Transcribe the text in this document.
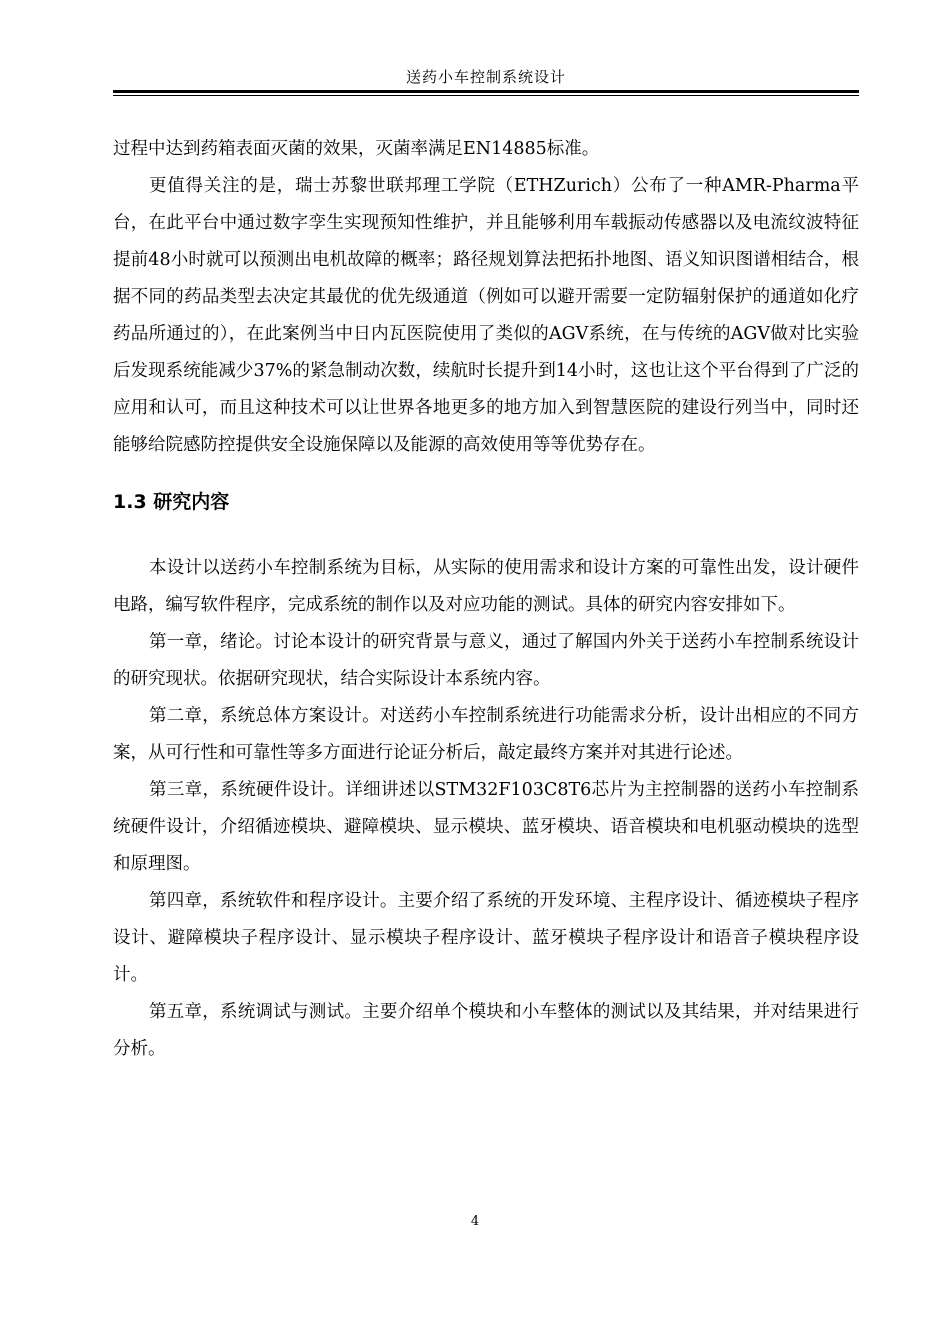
送药小车控制系统设计

过程中达到药箱表面灭菌的效果，灭菌率满足EN14885标准。

更值得关注的是，瑞士苏黎世联邦理工学院（ETHZurich）公布了一种AMR-Pharma平台，在此平台中通过数字孪生实现预知性维护，并且能够利用车载振动传感器以及电流纹波特征提前48小时就可以预测出电机故障的概率；路径规划算法把拓扑地图、语义知识图谱相结合，根据不同的药品类型去决定其最优的优先级通道（例如可以避开需要一定防辐射保护的通道如化疗药品所通过的），在此案例当中日内瓦医院使用了类似的AGV系统，在与传统的AGV做对比实验后发现系统能减少37%的紧急制动次数，续航时长提升到14小时，这也让这个平台得到了广泛的应用和认可，而且这种技术可以让世界各地更多的地方加入到智慧医院的建设行列当中，同时还能够给院感防控提供安全设施保障以及能源的高效使用等等优势存在。

1.3 研究内容

本设计以送药小车控制系统为目标，从实际的使用需求和设计方案的可靠性出发，设计硬件电路，编写软件程序，完成系统的制作以及对应功能的测试。具体的研究内容安排如下。

第一章，绪论。讨论本设计的研究背景与意义，通过了解国内外关于送药小车控制系统设计的研究现状。依据研究现状，结合实际设计本系统内容。

第二章，系统总体方案设计。对送药小车控制系统进行功能需求分析，设计出相应的不同方案，从可行性和可靠性等多方面进行论证分析后，敲定最终方案并对其进行论述。

第三章，系统硬件设计。详细讲述以STM32F103C8T6芯片为主控制器的送药小车控制系统硬件设计，介绍循迹模块、避障模块、显示模块、蓝牙模块、语音模块和电机驱动模块的选型和原理图。

第四章，系统软件和程序设计。主要介绍了系统的开发环境、主程序设计、循迹模块子程序设计、避障模块子程序设计、显示模块子程序设计、蓝牙模块子程序设计和语音子模块程序设计。

第五章，系统调试与测试。主要介绍单个模块和小车整体的测试以及其结果，并对结果进行分析。

4
